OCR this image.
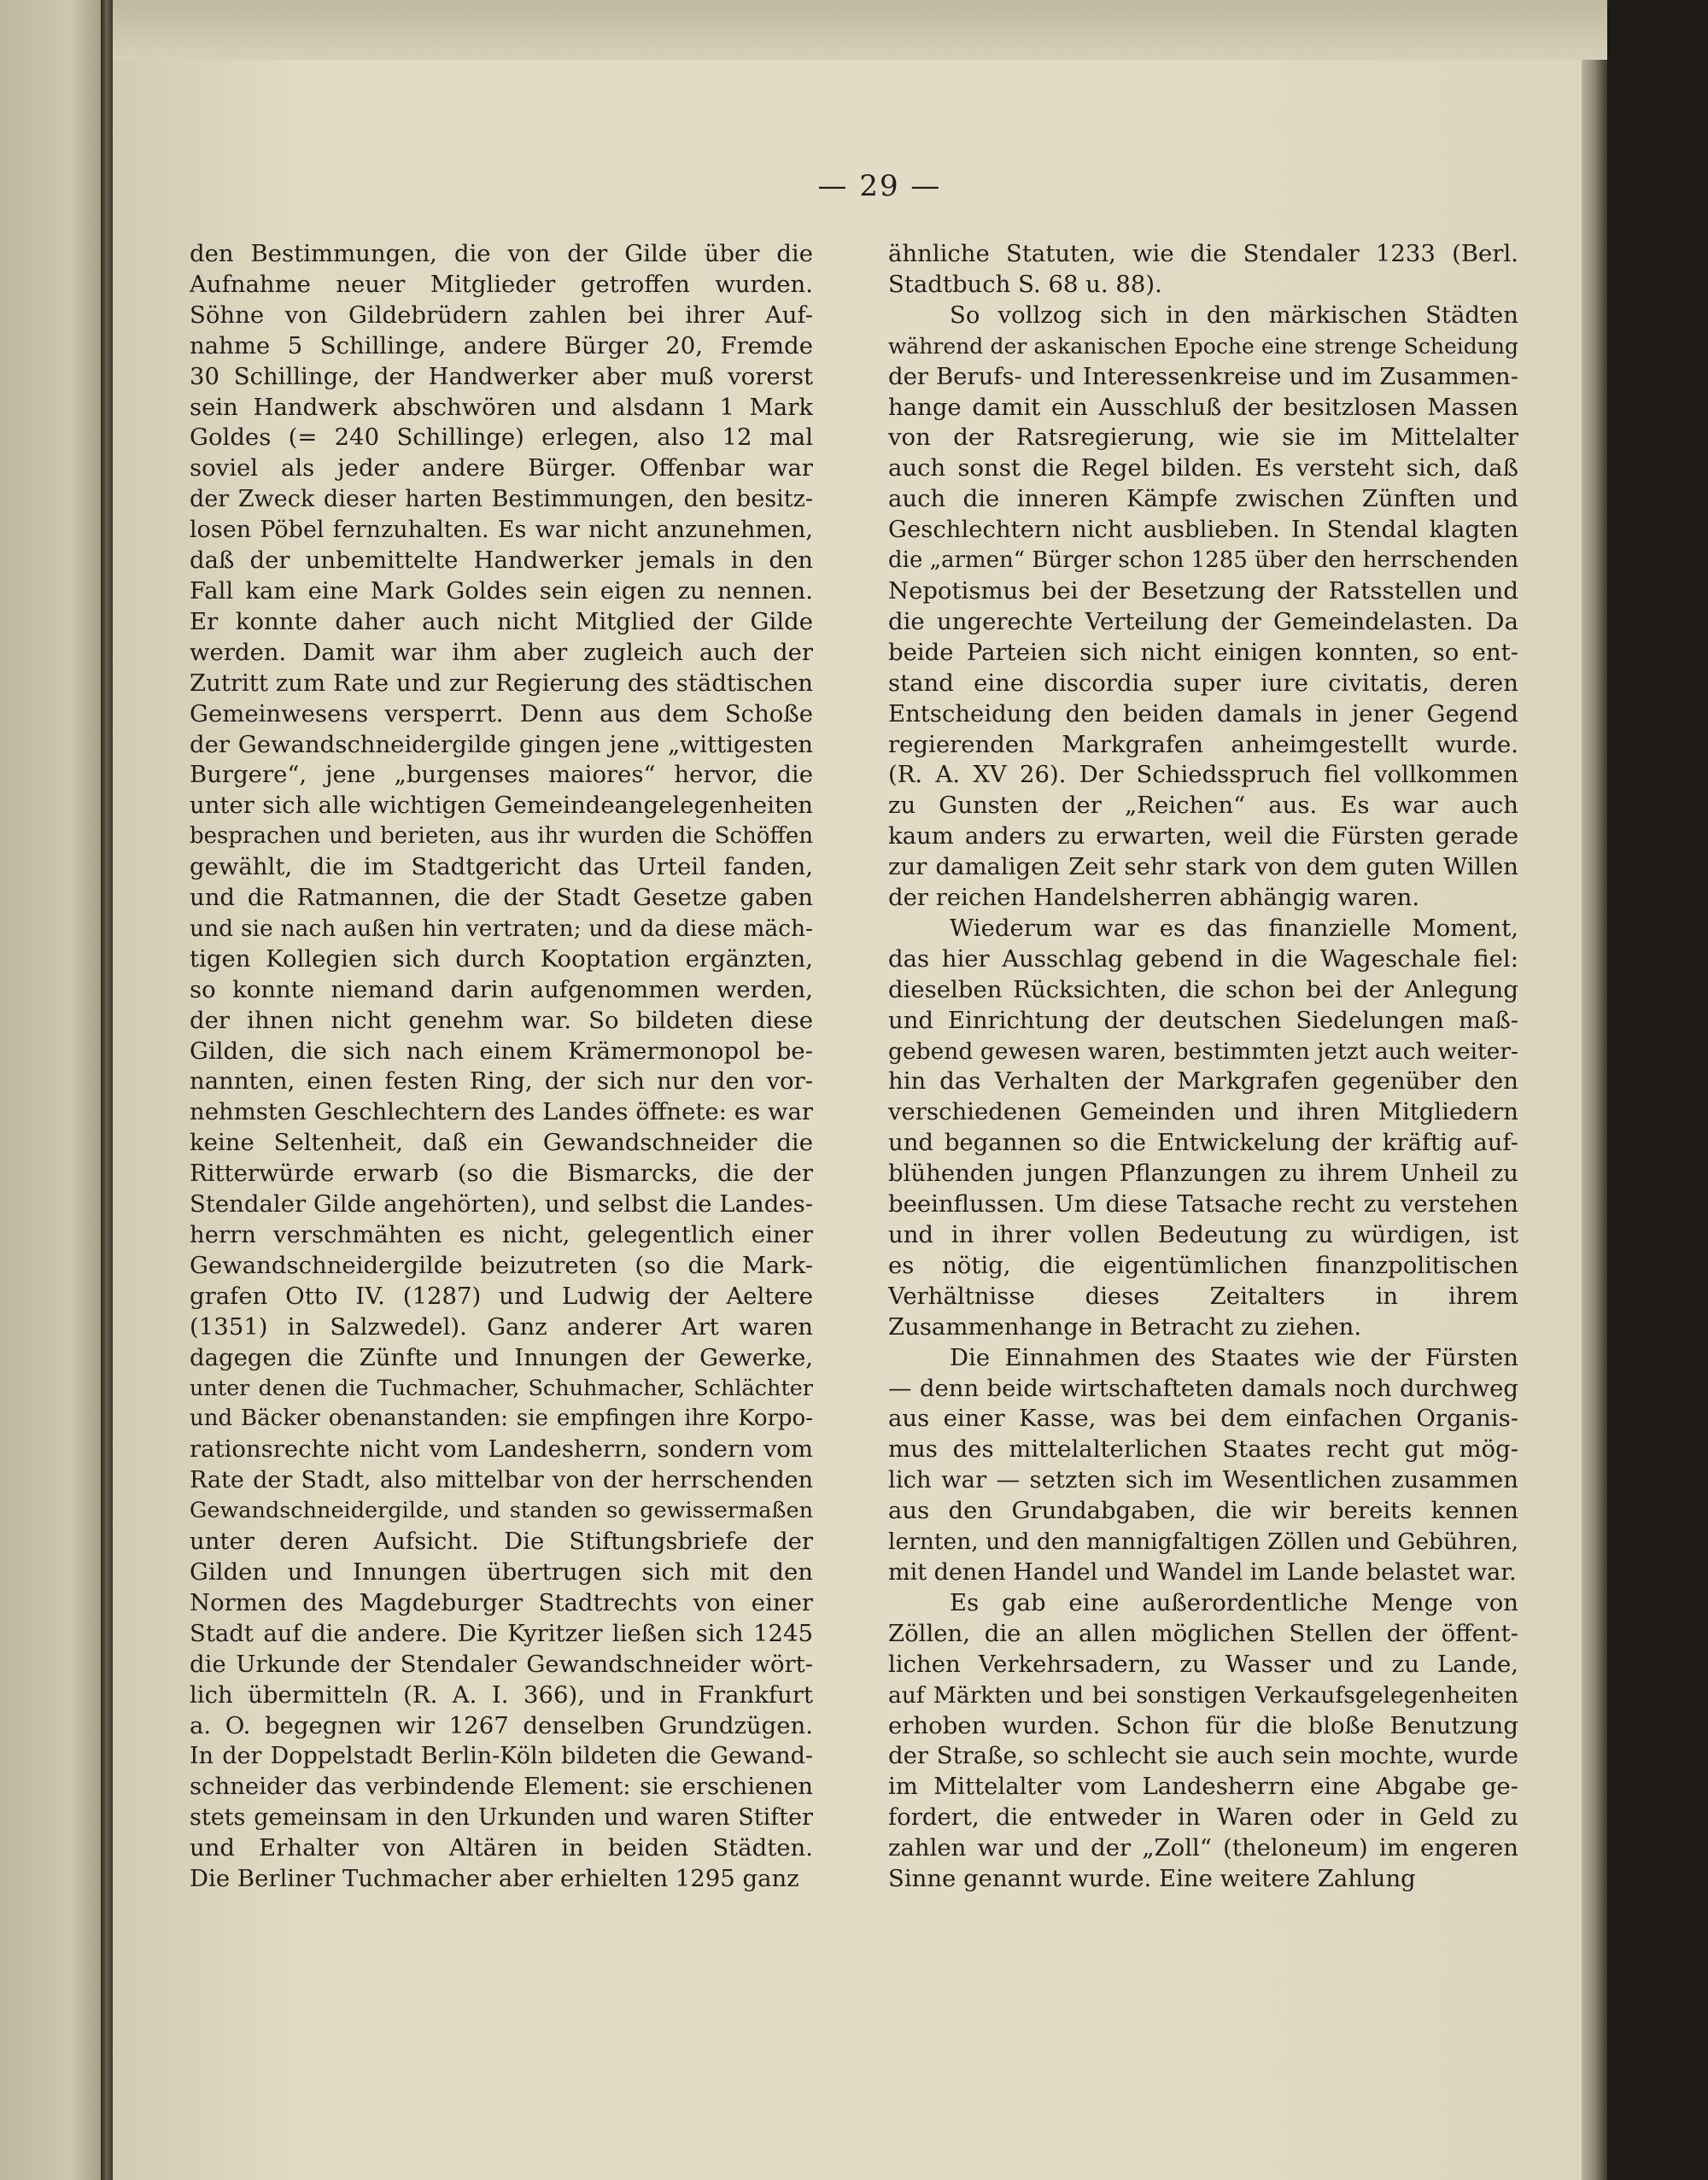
— 29 —

den Bestimmungen, die von der Gilde über die
Aufnahme neuer Mitglieder getroffen wurden.
Söhne von Gildebrüdern zahlen bei ihrer Auf-
nahme 5 Schillinge, andere Bürger 20, Fremde
30 Schillinge, der Handwerker aber muß vorerst
sein Handwerk abschwören und alsdann 1 Mark
Goldes (= 240 Schillinge) erlegen, also 12 mal
soviel als jeder andere Bürger. Offenbar war
der Zweck dieser harten Bestimmungen, den besitz-
losen Pöbel fernzuhalten. Es war nicht anzunehmen,
daß der unbemittelte Handwerker jemals in den
Fall kam eine Mark Goldes sein eigen zu nennen.
Er konnte daher auch nicht Mitglied der Gilde
werden. Damit war ihm aber zugleich auch der
Zutritt zum Rate und zur Regierung des städtischen
Gemeinwesens versperrt. Denn aus dem Schoße
der Gewandschneidergilde gingen jene „wittigesten
Burgere“, jene „burgenses maiores“ hervor, die
unter sich alle wichtigen Gemeindeangelegenheiten
besprachen und berieten, aus ihr wurden die Schöffen
gewählt, die im Stadtgericht das Urteil fanden,
und die Ratmannen, die der Stadt Gesetze gaben
und sie nach außen hin vertraten; und da diese mäch-
tigen Kollegien sich durch Kooptation ergänzten,
so konnte niemand darin aufgenommen werden,
der ihnen nicht genehm war. So bildeten diese
Gilden, die sich nach einem Krämermonopol be-
nannten, einen festen Ring, der sich nur den vor-
nehmsten Geschlechtern des Landes öffnete: es war
keine Seltenheit, daß ein Gewandschneider die
Ritterwürde erwarb (so die Bismarcks, die der
Stendaler Gilde angehörten), und selbst die Landes-
herrn verschmähten es nicht, gelegentlich einer
Gewandschneidergilde beizutreten (so die Mark-
grafen Otto IV. (1287) und Ludwig der Aeltere
(1351) in Salzwedel). Ganz anderer Art waren
dagegen die Zünfte und Innungen der Gewerke,
unter denen die Tuchmacher, Schuhmacher, Schlächter
und Bäcker obenanstanden: sie empfingen ihre Korpo-
rationsrechte nicht vom Landesherrn, sondern vom
Rate der Stadt, also mittelbar von der herrschenden
Gewandschneidergilde, und standen so gewissermaßen
unter deren Aufsicht. Die Stiftungsbriefe der
Gilden und Innungen übertrugen sich mit den
Normen des Magdeburger Stadtrechts von einer
Stadt auf die andere. Die Kyritzer ließen sich 1245
die Urkunde der Stendaler Gewandschneider wört-
lich übermitteln (R. A. I. 366), und in Frankfurt
a. O. begegnen wir 1267 denselben Grundzügen.
In der Doppelstadt Berlin-Köln bildeten die Gewand-
schneider das verbindende Element: sie erschienen
stets gemeinsam in den Urkunden und waren Stifter
und Erhalter von Altären in beiden Städten.
Die Berliner Tuchmacher aber erhielten 1295 ganz

ähnliche Statuten, wie die Stendaler 1233 (Berl.
Stadtbuch S. 68 u. 88).

So vollzog sich in den märkischen Städten
während der askanischen Epoche eine strenge Scheidung
der Berufs- und Interessenkreise und im Zusammen-
hange damit ein Ausschluß der besitzlosen Massen
von der Ratsregierung, wie sie im Mittelalter
auch sonst die Regel bilden. Es versteht sich, daß
auch die inneren Kämpfe zwischen Zünften und
Geschlechtern nicht ausblieben. In Stendal klagten
die „armen“ Bürger schon 1285 über den herrschenden
Nepotismus bei der Besetzung der Ratsstellen und
die ungerechte Verteilung der Gemeindelasten. Da
beide Parteien sich nicht einigen konnten, so ent-
stand eine discordia super iure civitatis, deren
Entscheidung den beiden damals in jener Gegend
regierenden Markgrafen anheimgestellt wurde.
(R. A. XV 26). Der Schiedsspruch fiel vollkommen
zu Gunsten der „Reichen“ aus. Es war auch
kaum anders zu erwarten, weil die Fürsten gerade
zur damaligen Zeit sehr stark von dem guten Willen
der reichen Handelsherren abhängig waren.

Wiederum war es das finanzielle Moment,
das hier Ausschlag gebend in die Wageschale fiel:
dieselben Rücksichten, die schon bei der Anlegung
und Einrichtung der deutschen Siedelungen maß-
gebend gewesen waren, bestimmten jetzt auch weiter-
hin das Verhalten der Markgrafen gegenüber den
verschiedenen Gemeinden und ihren Mitgliedern
und begannen so die Entwickelung der kräftig auf-
blühenden jungen Pflanzungen zu ihrem Unheil zu
beeinflussen. Um diese Tatsache recht zu verstehen
und in ihrer vollen Bedeutung zu würdigen, ist
es nötig, die eigentümlichen finanzpolitischen
Verhältnisse dieses Zeitalters in ihrem
Zusammenhange in Betracht zu ziehen.

Die Einnahmen des Staates wie der Fürsten
— denn beide wirtschafteten damals noch durchweg
aus einer Kasse, was bei dem einfachen Organis-
mus des mittelalterlichen Staates recht gut mög-
lich war — setzten sich im Wesentlichen zusammen
aus den Grundabgaben, die wir bereits kennen
lernten, und den mannigfaltigen Zöllen und Gebühren,
mit denen Handel und Wandel im Lande belastet war.

Es gab eine außerordentliche Menge von
Zöllen, die an allen möglichen Stellen der öffent-
lichen Verkehrsadern, zu Wasser und zu Lande,
auf Märkten und bei sonstigen Verkaufsgelegenheiten
erhoben wurden. Schon für die bloße Benutzung
der Straße, so schlecht sie auch sein mochte, wurde
im Mittelalter vom Landesherrn eine Abgabe ge-
fordert, die entweder in Waren oder in Geld zu
zahlen war und der „Zoll“ (theloneum) im engeren
Sinne genannt wurde. Eine weitere Zahlung
